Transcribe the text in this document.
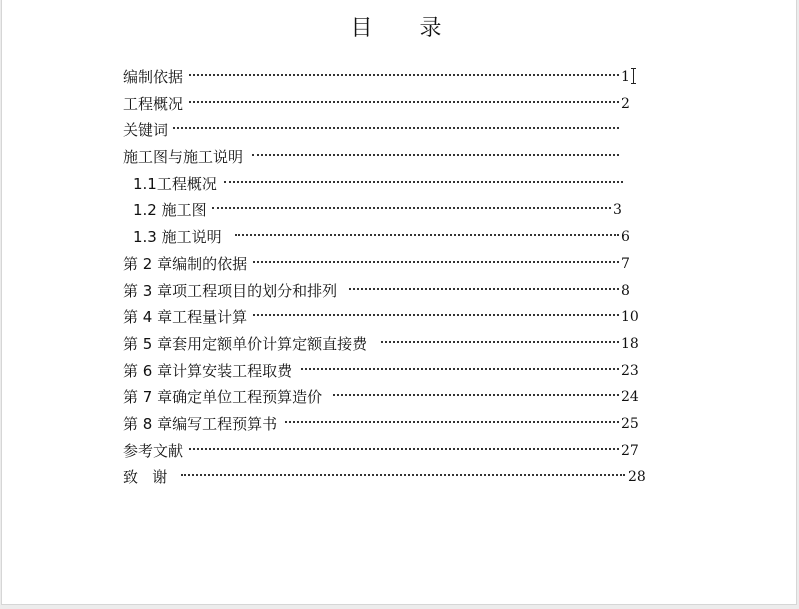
目 录
编制依据	1
工程概况	2
关键词
施工图与施工说明
1.1工程概况
1.2 施工图	3
1.3 施工说明	6
第 2 章编制的依据	7
第 3 章项工程项目的划分和排列	8
第 4 章工程量计算	10
第 5 章套用定额单价计算定额直接费	18
第 6 章计算安装工程取费	23
第 7 章确定单位工程预算造价	24
第 8 章编写工程预算书	25
参考文献	27
致   谢	28
